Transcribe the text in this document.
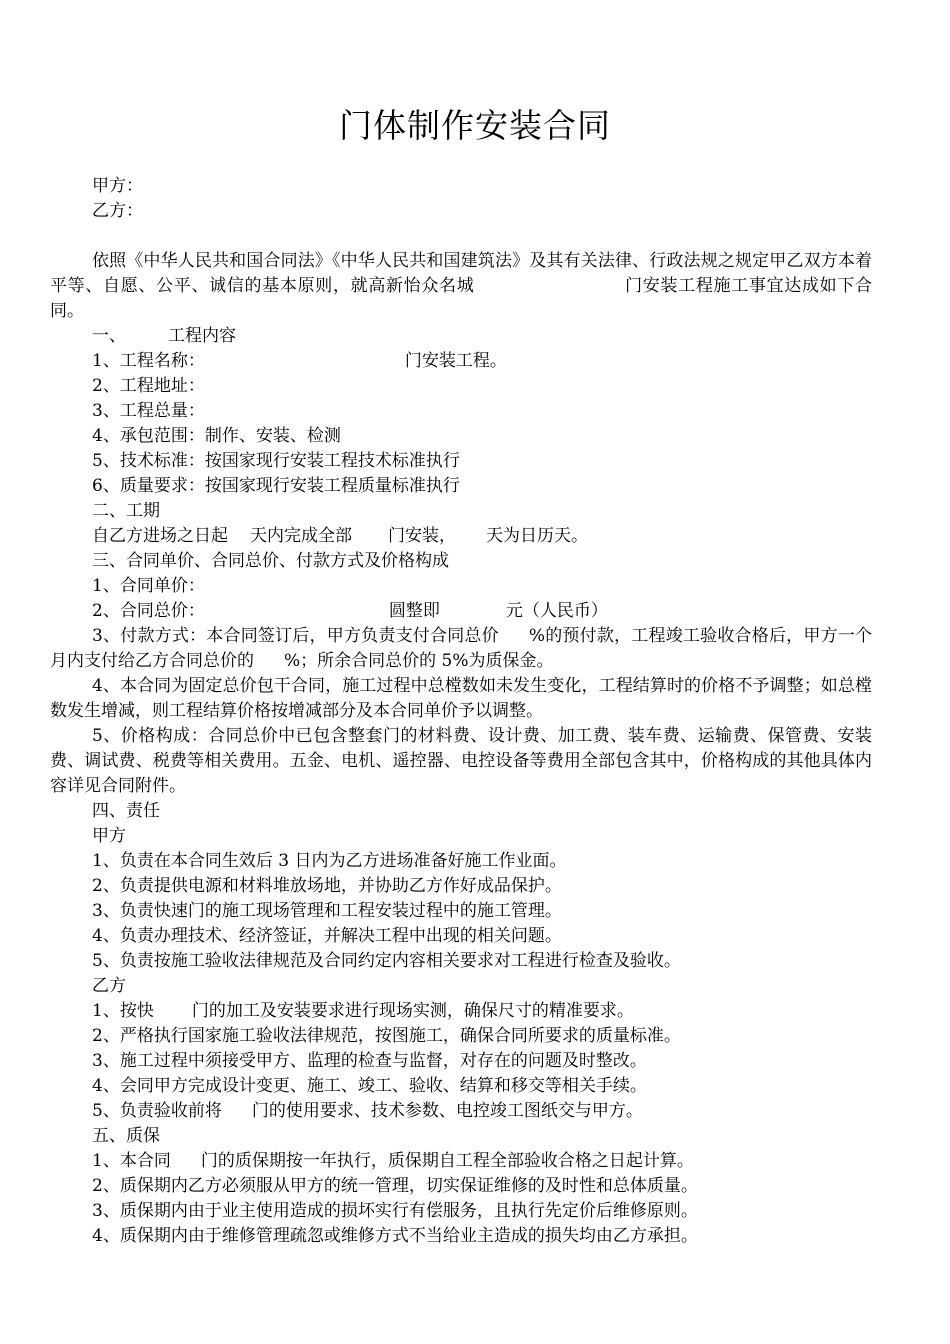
门体制作安装合同
甲方：
乙方：
依照《中华人民共和国合同法》《中华人民共和国建筑法》及其有关法律、行政法规之规定甲乙双方本着平等、自愿、公平、诚信的基本原则，就高新怡众名城	门安装工程施工事宜达成如下合同。
一、 工程内容
1、工程名称：	门安装工程。
2、工程地址：
3、工程总量：
4、承包范围：制作、安装、检测
5、技术标准：按国家现行安装工程技术标准执行
6、质量要求：按国家现行安装工程质量标准执行
二、工期
自乙方进场之日起 天内完成全部 门安装， 天为日历天。
三、合同单价、合同总价、付款方式及价格构成
1、合同单价：
2、合同总价：	圆整即	元（人民币）
3、付款方式：本合同签订后，甲方负责支付合同总价 %的预付款，工程竣工验收合格后，甲方一个月内支付给乙方合同总价的 %；所余合同总价的 5%为质保金。
4、本合同为固定总价包干合同，施工过程中总樘数如未发生变化，工程结算时的价格不予调整；如总樘数发生增减，则工程结算价格按增减部分及本合同单价予以调整。
5、价格构成：合同总价中已包含整套门的材料费、设计费、加工费、装车费、运输费、保管费、安装费、调试费、税费等相关费用。五金、电机、遥控器、电控设备等费用全部包含其中，价格构成的其他具体内容详见合同附件。
四、责任
甲方
1、负责在本合同生效后 3 日内为乙方进场准备好施工作业面。
2、负责提供电源和材料堆放场地，并协助乙方作好成品保护。
3、负责快速门的施工现场管理和工程安装过程中的施工管理。
4、负责办理技术、经济签证，并解决工程中出现的相关问题。
5、负责按施工验收法律规范及合同约定内容相关要求对工程进行检查及验收。
乙方
1、按快 门的加工及安装要求进行现场实测，确保尺寸的精准要求。
2、严格执行国家施工验收法律规范，按图施工，确保合同所要求的质量标准。
3、施工过程中须接受甲方、监理的检查与监督，对存在的问题及时整改。
4、会同甲方完成设计变更、施工、竣工、验收、结算和移交等相关手续。
5、负责验收前将 门的使用要求、技术参数、电控竣工图纸交与甲方。
五、质保
1、本合同 门的质保期按一年执行，质保期自工程全部验收合格之日起计算。
2、质保期内乙方必须服从甲方的统一管理，切实保证维修的及时性和总体质量。
3、质保期内由于业主使用造成的损坏实行有偿服务，且执行先定价后维修原则。
4、质保期内由于维修管理疏忽或维修方式不当给业主造成的损失均由乙方承担。
